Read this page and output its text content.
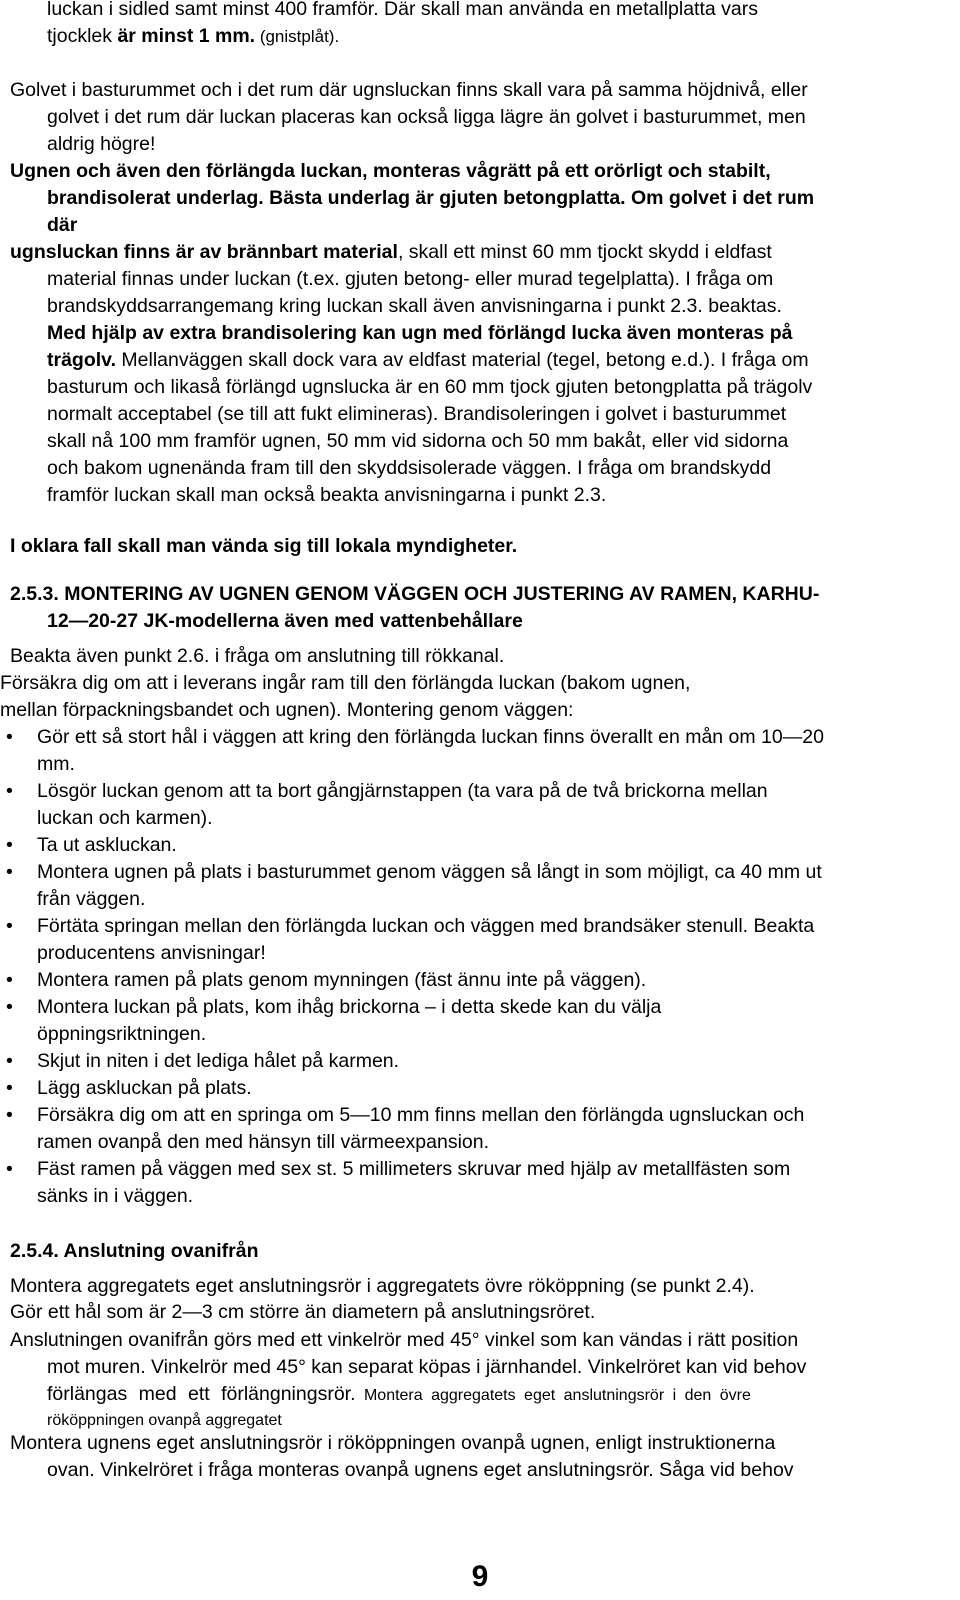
luckan i sidled samt minst 400 framför. Där skall man använda en metallplatta vars
tjocklek är minst 1 mm. (gnistplåt).
Golvet i basturummet och i det rum där ugnsluckan finns skall vara på samma höjdnivå, eller
golvet i det rum där luckan placeras kan också ligga lägre än golvet i basturummet, men
aldrig högre!
Ugnen och även den förlängda luckan, monteras vågrätt på ett orörligt och stabilt,
brandisolerat underlag. Bästa underlag är gjuten betongplatta. Om golvet i det rum
där
ugnsluckan finns är av brännbart material, skall ett minst 60 mm tjockt skydd i eldfast
material finnas under luckan (t.ex. gjuten betong- eller murad tegelplatta). I fråga om
brandskyddsarrangemang kring luckan skall även anvisningarna i punkt 2.3. beaktas.
Med hjälp av extra brandisolering kan ugn med förlängd lucka även monteras på
trägolv. Mellanväggen skall dock vara av eldfast material (tegel, betong e.d.). I fråga om
basturum och likaså förlängd ugnslucka är en 60 mm tjock gjuten betongplatta på trägolv
normalt acceptabel (se till att fukt elimineras). Brandisoleringen i golvet i basturummet
skall nå 100 mm framför ugnen, 50 mm vid sidorna och 50 mm bakåt, eller vid sidorna
och bakom ugnenända fram till den skyddsisolerade väggen. I fråga om brandskydd
framför luckan skall man också beakta anvisningarna i punkt 2.3.
I oklara fall skall man vända sig till lokala myndigheter.
2.5.3. MONTERING AV UGNEN GENOM VÄGGEN OCH JUSTERING AV RAMEN, KARHU-
12—20-27 JK-modellerna även med vattenbehållare
Beakta även punkt 2.6. i fråga om anslutning till rökkanal.
Försäkra dig om att i leverans ingår ram till den förlängda luckan (bakom ugnen,
mellan förpackningsbandet och ugnen). Montering genom väggen:
•	Gör ett så stort hål i väggen att kring den förlängda luckan finns överallt en mån om 10—20
mm.
•	Lösgör luckan genom att ta bort gångjärnstappen (ta vara på de två brickorna mellan
luckan och karmen).
•	Ta ut askluckan.
•	Montera ugnen på plats i basturummet genom väggen så långt in som möjligt, ca 40 mm ut
från väggen.
•	Förtäta springan mellan den förlängda luckan och väggen med brandsäker stenull. Beakta
producentens anvisningar!
•	Montera ramen på plats genom mynningen (fäst ännu inte på väggen).
•	Montera luckan på plats, kom ihåg brickorna – i detta skede kan du välja
öppningsriktningen.
•	Skjut in niten i det lediga hålet på karmen.
•	Lägg askluckan på plats.
•	Försäkra dig om att en springa om 5—10 mm finns mellan den förlängda ugnsluckan och
ramen ovanpå den med hänsyn till värmeexpansion.
•	Fäst ramen på väggen med sex st. 5 millimeters skruvar med hjälp av metallfästen som
sänks in i väggen.
2.5.4. Anslutning ovanifrån
Montera aggregatets eget anslutningsrör i aggregatets övre rököppning (se punkt 2.4).
Gör ett hål som är 2—3 cm större än diametern på anslutningsröret.
Anslutningen ovanifrån görs med ett vinkelrör med 45° vinkel som kan vändas i rätt position
mot muren. Vinkelrör med 45° kan separat köpas i järnhandel. Vinkelröret kan vid behov
förlängas med ett förlängningsrör. Montera aggregatets eget anslutningsrör i den övre
rököppningen ovanpå aggregatet
Montera ugnens eget anslutningsrör i rököppningen ovanpå ugnen, enligt instruktionerna
ovan. Vinkelröret i fråga monteras ovanpå ugnens eget anslutningsrör. Såga vid behov
9
